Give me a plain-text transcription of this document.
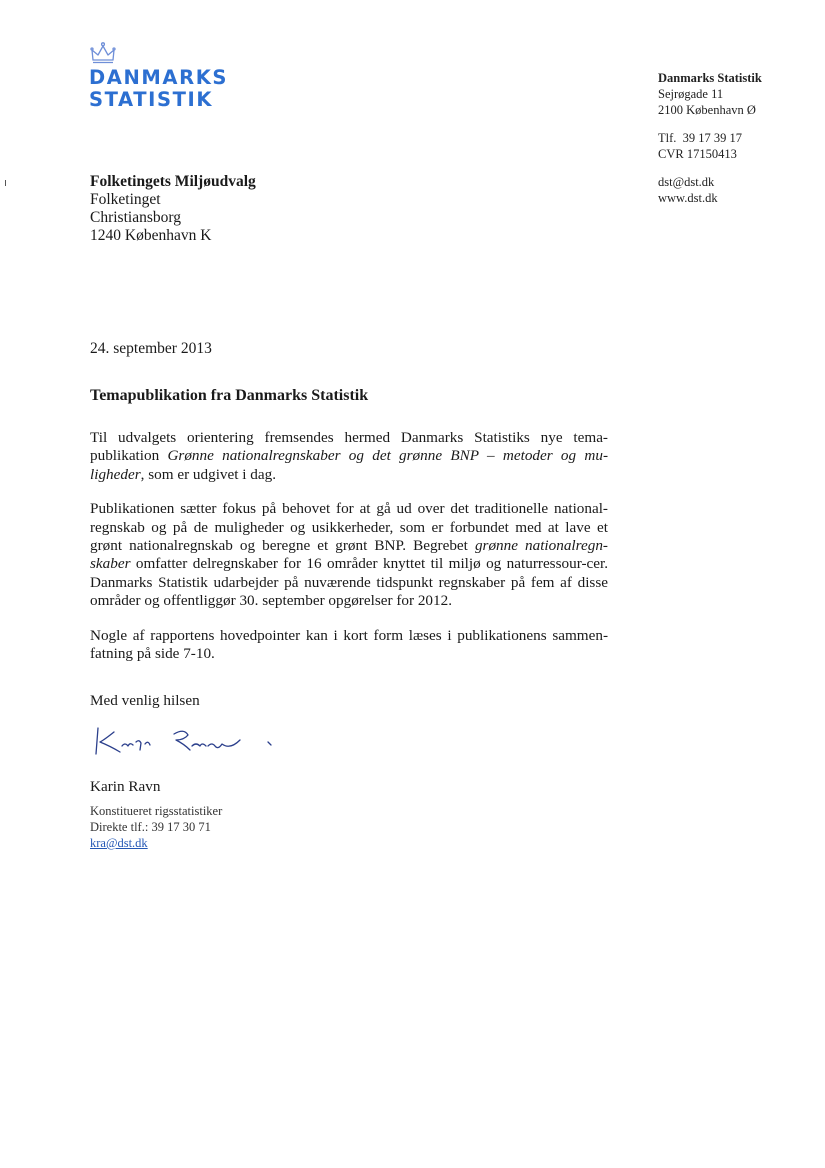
DANMARKS
STATISTIK
Danmarks Statistik
Sejrøgade 11
2100 København Ø
Tlf.  39 17 39 17
CVR 17150413
dst@dst.dk
www.dst.dk
Folketingets Miljøudvalg
Folketinget
Christiansborg
1240 København K
24. september 2013
Temapublikation fra Danmarks Statistik

Til udvalgets orientering fremsendes hermed Danmarks Statistiks nye tema-publikation Grønne nationalregnskaber og det grønne BNP – metoder og mu-ligheder, som er udgivet i dag.

Publikationen sætter fokus på behovet for at gå ud over det traditionelle national-regnskab og på de muligheder og usikkerheder, som er forbundet med at lave et grønt nationalregnskab og beregne et grønt BNP. Begrebet grønne nationalregn-skaber omfatter delregnskaber for 16 områder knyttet til miljø og naturressour-cer. Danmarks Statistik udarbejder på nuværende tidspunkt regnskaber på fem af disse områder og offentliggør 30. september opgørelser for 2012.

Nogle af rapportens hovedpointer kan i kort form læses i publikationens sammen-fatning på side 7-10.

Med venlig hilsen
Karin Ravn
Konstitueret rigsstatistiker
Direkte tlf.: 39 17 30 71
kra@dst.dk
